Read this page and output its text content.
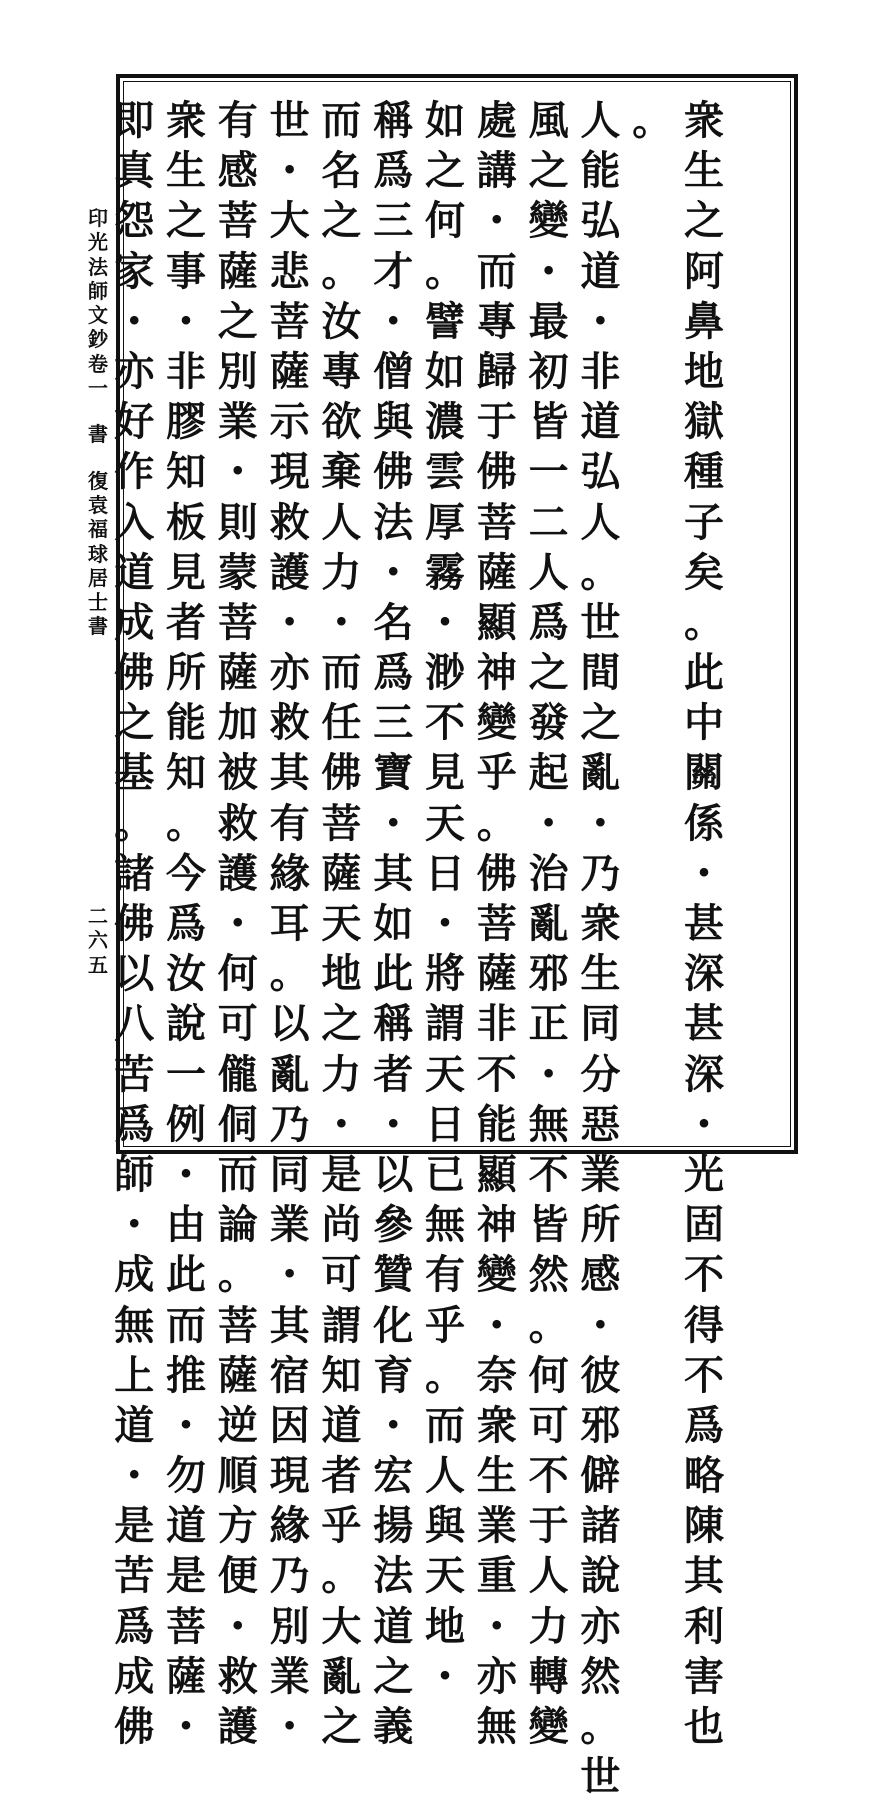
衆
生
之
阿
鼻
地
獄
種
子
矣
。
此
中
關
係
・
甚
深
甚
深
・
光
固
不
得
不
爲
略
陳
其
利
害
也
。
人
能
弘
道
・
非
道
弘
人
。
世
間
之
亂
・
乃
衆
生
同
分
惡
業
所
感
・
彼
邪
僻
諸
說
亦
然
。
世
風
之
變
・
最
初
皆
一
二
人
爲
之
發
起
・
治
亂
邪
正
・
無
不
皆
然
。
何
可
不
于
人
力
轉
變
處
講
・
而
專
歸
于
佛
菩
薩
顯
神
變
乎
。
佛
菩
薩
非
不
能
顯
神
變
・
奈
衆
生
業
重
・
亦
無
如
之
何
。
譬
如
濃
雲
厚
霧
・
渺
不
見
天
日
・
將
謂
天
日
已
無
有
乎
。
而
人
與
天
地
・
稱
爲
三
才
・
僧
與
佛
法
・
名
爲
三
寶
・
其
如
此
稱
者
・
以
參
贊
化
育
・
宏
揚
法
道
之
義
而
名
之
。
汝
專
欲
棄
人
力
・
而
任
佛
菩
薩
天
地
之
力
・
是
尚
可
謂
知
道
者
乎
。
大
亂
之
世
・
大
悲
菩
薩
示
現
救
護
・
亦
救
其
有
緣
耳
。
以
亂
乃
同
業
・
其
宿
因
現
緣
乃
別
業
・
有
感
菩
薩
之
別
業
・
則
蒙
菩
薩
加
被
救
護
・
何
可
儱
侗
而
論
。
菩
薩
逆
順
方
便
・
救
護
衆
生
之
事
・
非
膠
知
板
見
者
所
能
知
。
今
爲
汝
說
一
例
・
由
此
而
推
・
勿
道
是
菩
薩
・
即
真
怨
家
・
亦
好
作
入
道
成
佛
之
基
。
諸
佛
以
八
苦
爲
師
・
成
無
上
道
・
是
苦
爲
成
佛
印
光
法
師
文
鈔
卷
一
書
復
袁
福
球
居
士
書
二
六
五
